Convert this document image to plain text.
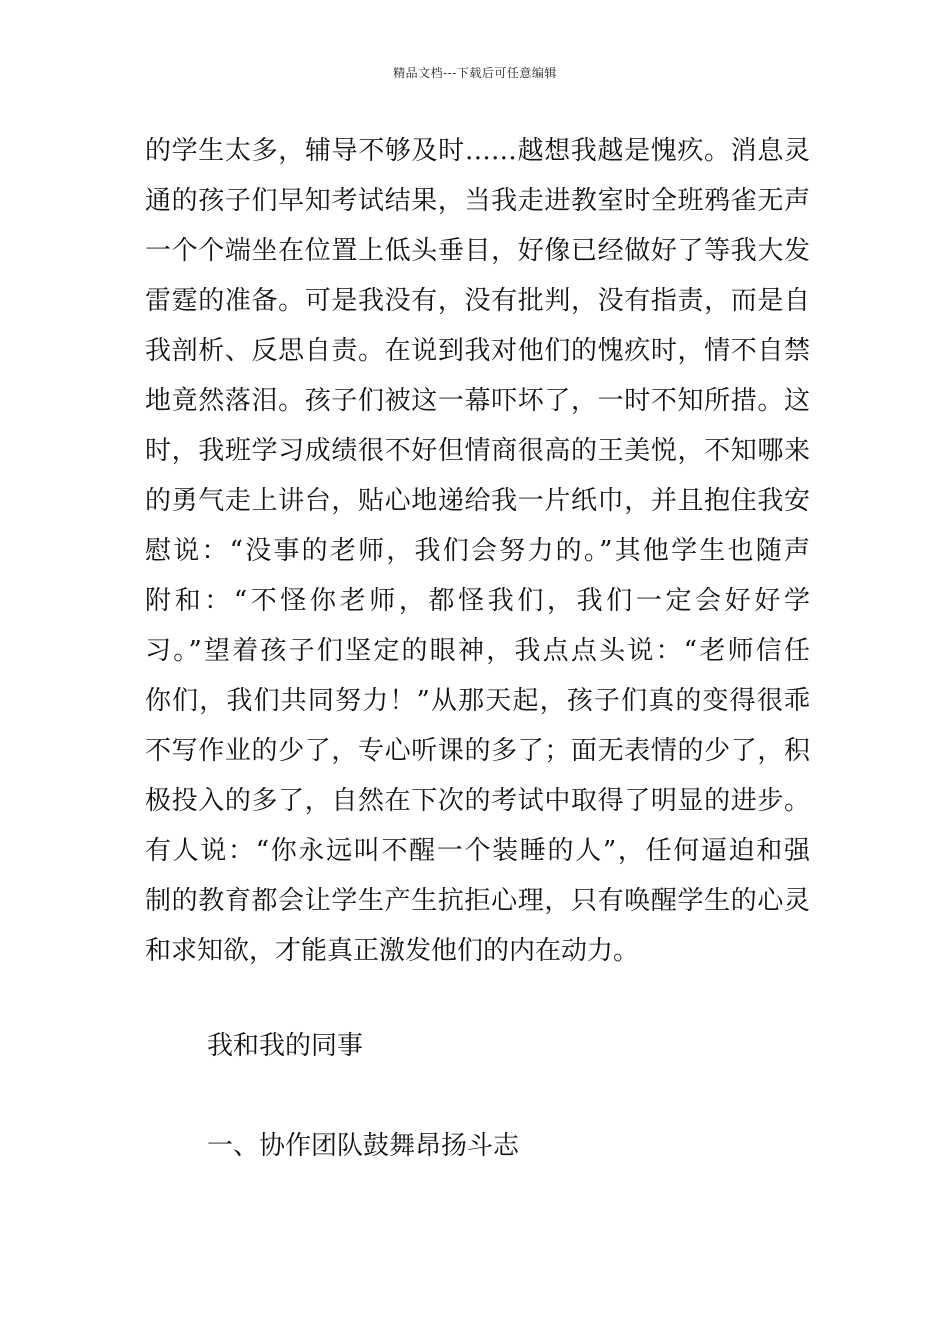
精品文档---下载后可任意编辑
的学生太多，辅导不够及时……越想我越是愧疚。消息灵
通的孩子们早知考试结果，当我走进教室时全班鸦雀无声
一个个端坐在位置上低头垂目，好像已经做好了等我大发
雷霆的准备。可是我没有，没有批判，没有指责，而是自
我剖析、反思自责。在说到我对他们的愧疚时，情不自禁
地竟然落泪。孩子们被这一幕吓坏了，一时不知所措。这
时，我班学习成绩很不好但情商很高的王美悦，不知哪来
的勇气走上讲台，贴心地递给我一片纸巾，并且抱住我安
慰说：“没事的老师，我们会努力的。”其他学生也随声
附和：“不怪你老师，都怪我们，我们一定会好好学
习。”望着孩子们坚定的眼神，我点点头说：“老师信任
你们，我们共同努力！”从那天起，孩子们真的变得很乖
不写作业的少了，专心听课的多了；面无表情的少了，积
极投入的多了，自然在下次的考试中取得了明显的进步。
有人说：“你永远叫不醒一个装睡的人”，任何逼迫和强
制的教育都会让学生产生抗拒心理，只有唤醒学生的心灵
和求知欲，才能真正激发他们的内在动力。
我和我的同事
一、协作团队鼓舞昂扬斗志
